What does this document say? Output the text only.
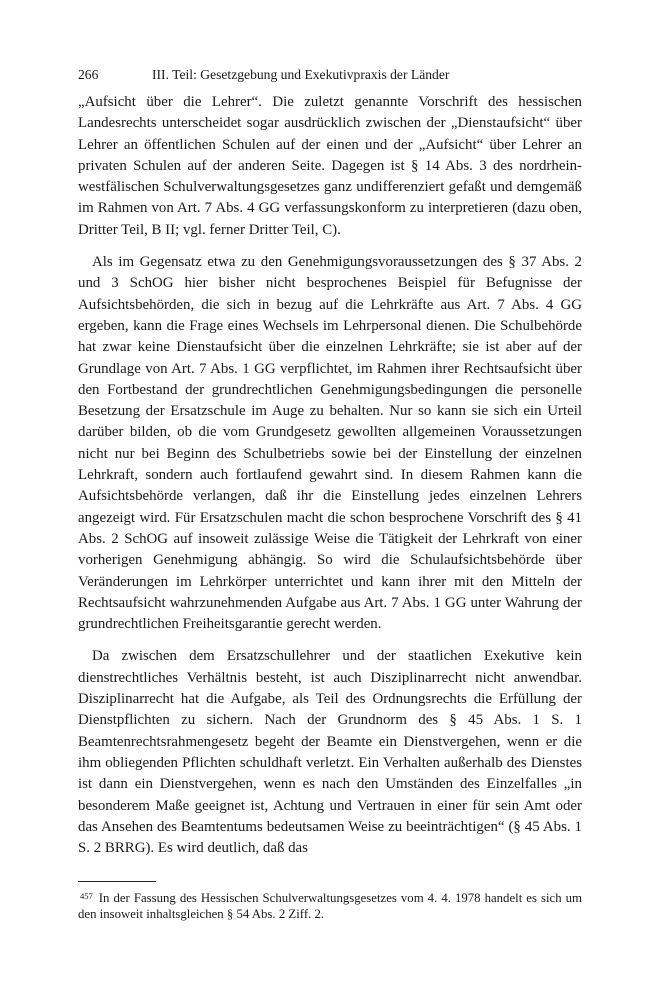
266	III. Teil: Gesetzgebung und Exekutivpraxis der Länder

„Aufsicht über die Lehrer“. Die zuletzt genannte Vorschrift des hessischen Landesrechts unterscheidet sogar ausdrücklich zwischen der „Dienstaufsicht“ über Lehrer an öffentlichen Schulen auf der einen und der „Aufsicht“ über Lehrer an privaten Schulen auf der anderen Seite. Dagegen ist § 14 Abs. 3 des nordrhein-westfälischen Schulverwaltungsgesetzes ganz undifferenziert gefaßt und demgemäß im Rahmen von Art. 7 Abs. 4 GG verfassungskonform zu interpretieren (dazu oben, Dritter Teil, B II; vgl. ferner Dritter Teil, C).

Als im Gegensatz etwa zu den Genehmigungsvoraussetzungen des § 37 Abs. 2 und 3 SchOG hier bisher nicht besprochenes Beispiel für Befugnisse der Aufsichtsbehörden, die sich in bezug auf die Lehrkräfte aus Art. 7 Abs. 4 GG ergeben, kann die Frage eines Wechsels im Lehrpersonal dienen. Die Schulbehörde hat zwar keine Dienstaufsicht über die einzelnen Lehrkräfte; sie ist aber auf der Grundlage von Art. 7 Abs. 1 GG verpflichtet, im Rahmen ihrer Rechtsaufsicht über den Fortbestand der grundrechtlichen Genehmigungsbedingungen die personelle Besetzung der Ersatzschule im Auge zu behalten. Nur so kann sie sich ein Urteil darüber bilden, ob die vom Grundgesetz gewollten allgemeinen Voraussetzungen nicht nur bei Beginn des Schulbetriebs sowie bei der Einstellung der einzelnen Lehrkraft, sondern auch fortlaufend gewahrt sind. In diesem Rahmen kann die Aufsichtsbehörde verlangen, daß ihr die Einstellung jedes einzelnen Lehrers angezeigt wird. Für Ersatzschulen macht die schon besprochene Vorschrift des § 41 Abs. 2 SchOG auf insoweit zulässige Weise die Tätigkeit der Lehrkraft von einer vorherigen Genehmigung abhängig. So wird die Schulaufsichtsbehörde über Veränderungen im Lehrkörper unterrichtet und kann ihrer mit den Mitteln der Rechtsaufsicht wahrzunehmenden Aufgabe aus Art. 7 Abs. 1 GG unter Wahrung der grundrechtlichen Freiheitsgarantie gerecht werden.

Da zwischen dem Ersatzschullehrer und der staatlichen Exekutive kein dienstrechtliches Verhältnis besteht, ist auch Disziplinarrecht nicht anwendbar. Disziplinarrecht hat die Aufgabe, als Teil des Ordnungsrechts die Erfüllung der Dienstpflichten zu sichern. Nach der Grundnorm des § 45 Abs. 1 S. 1 Beamtenrechtsrahmengesetz begeht der Beamte ein Dienstvergehen, wenn er die ihm obliegenden Pflichten schuldhaft verletzt. Ein Verhalten außerhalb des Dienstes ist dann ein Dienstvergehen, wenn es nach den Umständen des Einzelfalles „in besonderem Maße geeignet ist, Achtung und Vertrauen in einer für sein Amt oder das Ansehen des Beamtentums bedeutsamen Weise zu beeinträchtigen“ (§ 45 Abs. 1 S. 2 BRRG). Es wird deutlich, daß das

$^{457}$ In der Fassung des Hessischen Schulverwaltungsgesetzes vom 4. 4. 1978 handelt es sich um den insoweit inhaltsgleichen § 54 Abs. 2 Ziff. 2.
